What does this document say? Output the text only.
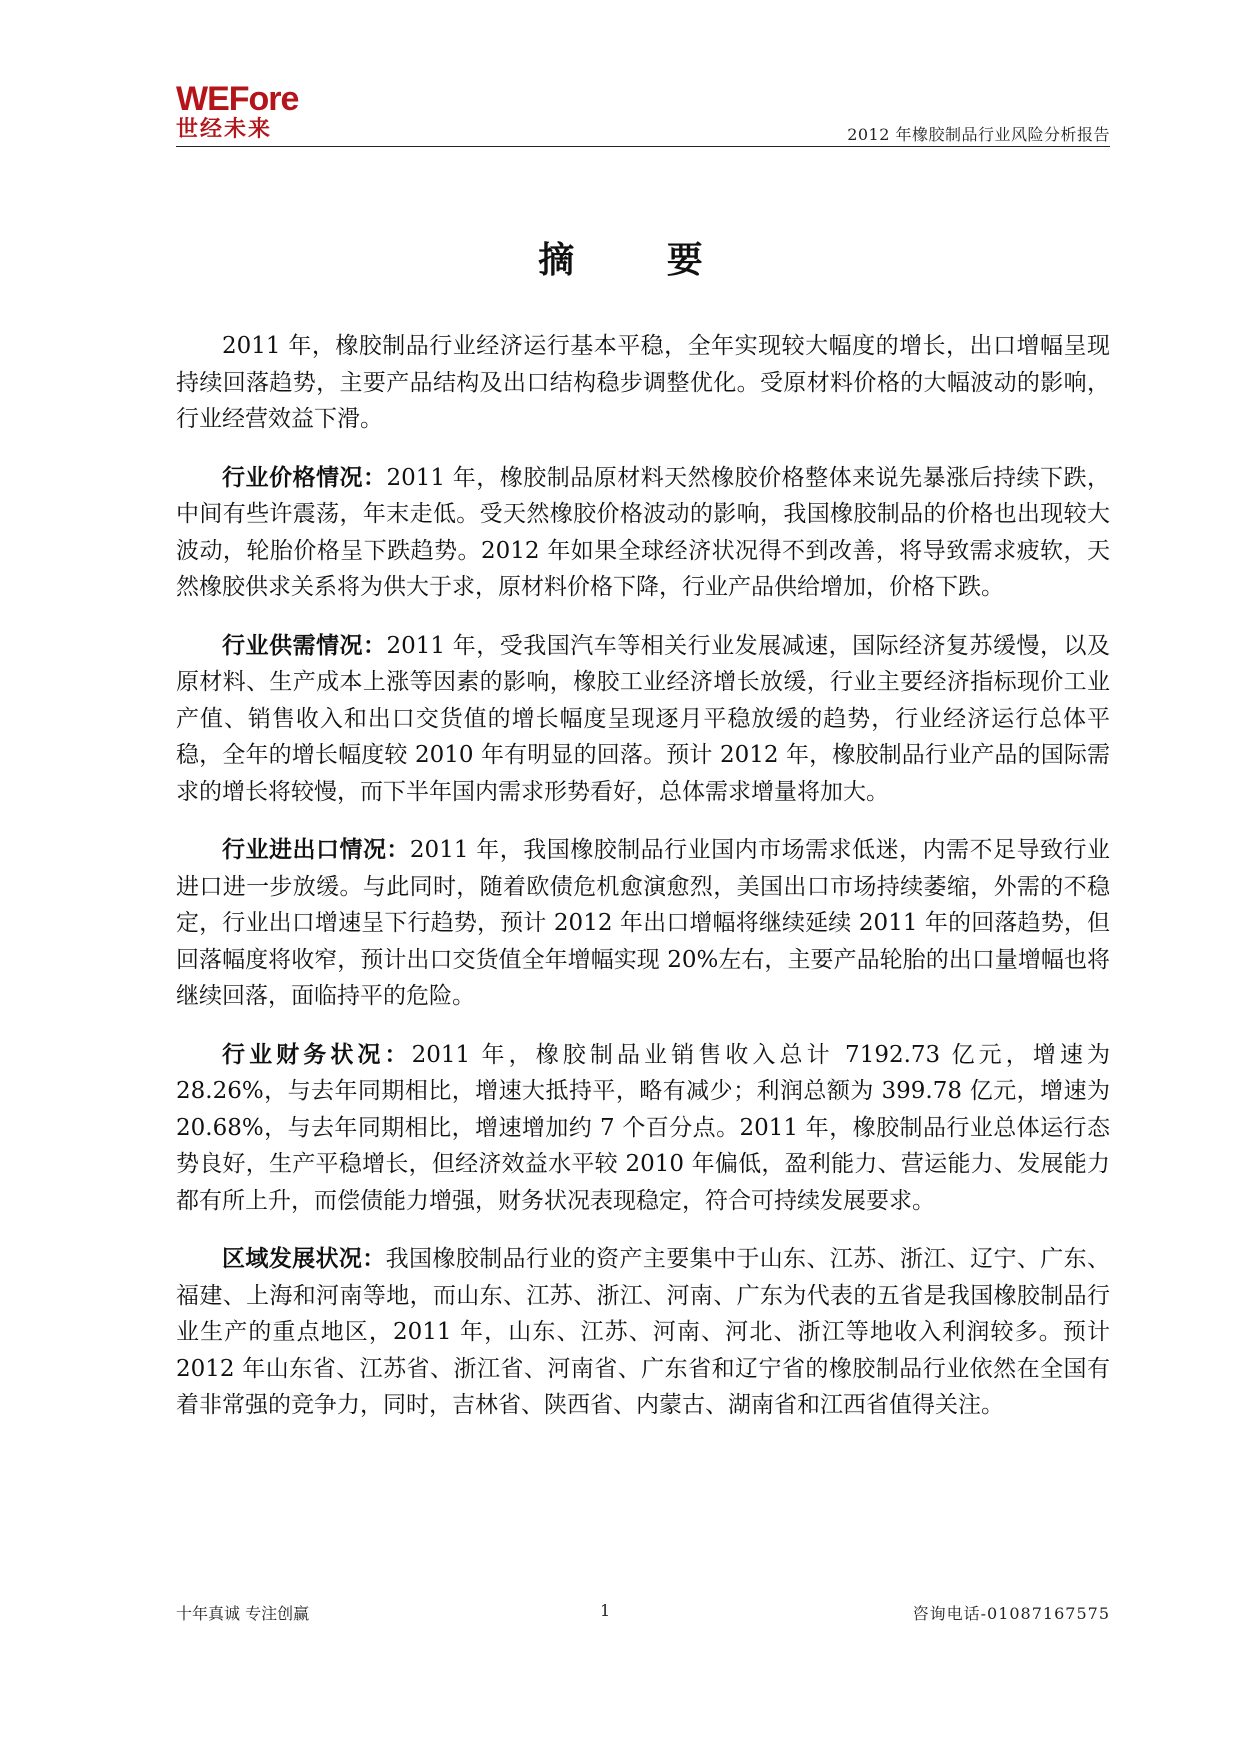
WEFore
世经未来	2012 年橡胶制品行业风险分析报告
摘 要

2011 年，橡胶制品行业经济运行基本平稳，全年实现较大幅度的增长，出口增幅呈现持续回落趋势，主要产品结构及出口结构稳步调整优化。受原材料价格的大幅波动的影响，行业经营效益下滑。

行业价格情况：2011 年，橡胶制品原材料天然橡胶价格整体来说先暴涨后持续下跌，中间有些许震荡，年末走低。受天然橡胶价格波动的影响，我国橡胶制品的价格也出现较大波动，轮胎价格呈下跌趋势。2012 年如果全球经济状况得不到改善，将导致需求疲软，天然橡胶供求关系将为供大于求，原材料价格下降，行业产品供给增加，价格下跌。

行业供需情况：2011 年，受我国汽车等相关行业发展减速，国际经济复苏缓慢，以及原材料、生产成本上涨等因素的影响，橡胶工业经济增长放缓，行业主要经济指标现价工业产值、销售收入和出口交货值的增长幅度呈现逐月平稳放缓的趋势，行业经济运行总体平稳，全年的增长幅度较 2010 年有明显的回落。预计 2012 年，橡胶制品行业产品的国际需求的增长将较慢，而下半年国内需求形势看好，总体需求增量将加大。

行业进出口情况：2011 年，我国橡胶制品行业国内市场需求低迷，内需不足导致行业进口进一步放缓。与此同时，随着欧债危机愈演愈烈，美国出口市场持续萎缩，外需的不稳定，行业出口增速呈下行趋势，预计 2012 年出口增幅将继续延续 2011 年的回落趋势，但回落幅度将收窄，预计出口交货值全年增幅实现 20%左右，主要产品轮胎的出口量增幅也将继续回落，面临持平的危险。

行业财务状况：2011 年，橡胶制品业销售收入总计 7192.73 亿元，增速为 28.26%，与去年同期相比，增速大抵持平，略有减少；利润总额为 399.78 亿元，增速为 20.68%，与去年同期相比，增速增加约 7 个百分点。2011 年，橡胶制品行业总体运行态势良好，生产平稳增长，但经济效益水平较 2010 年偏低，盈利能力、营运能力、发展能力都有所上升，而偿债能力增强，财务状况表现稳定，符合可持续发展要求。

区域发展状况：我国橡胶制品行业的资产主要集中于山东、江苏、浙江、辽宁、广东、福建、上海和河南等地，而山东、江苏、浙江、河南、广东为代表的五省是我国橡胶制品行业生产的重点地区，2011 年，山东、江苏、河南、河北、浙江等地收入利润较多。预计 2012 年山东省、江苏省、浙江省、河南省、广东省和辽宁省的橡胶制品行业依然在全国有着非常强的竞争力，同时，吉林省、陕西省、内蒙古、湖南省和江西省值得关注。

十年真诚 专注创赢	1	咨询电话-01087167575
